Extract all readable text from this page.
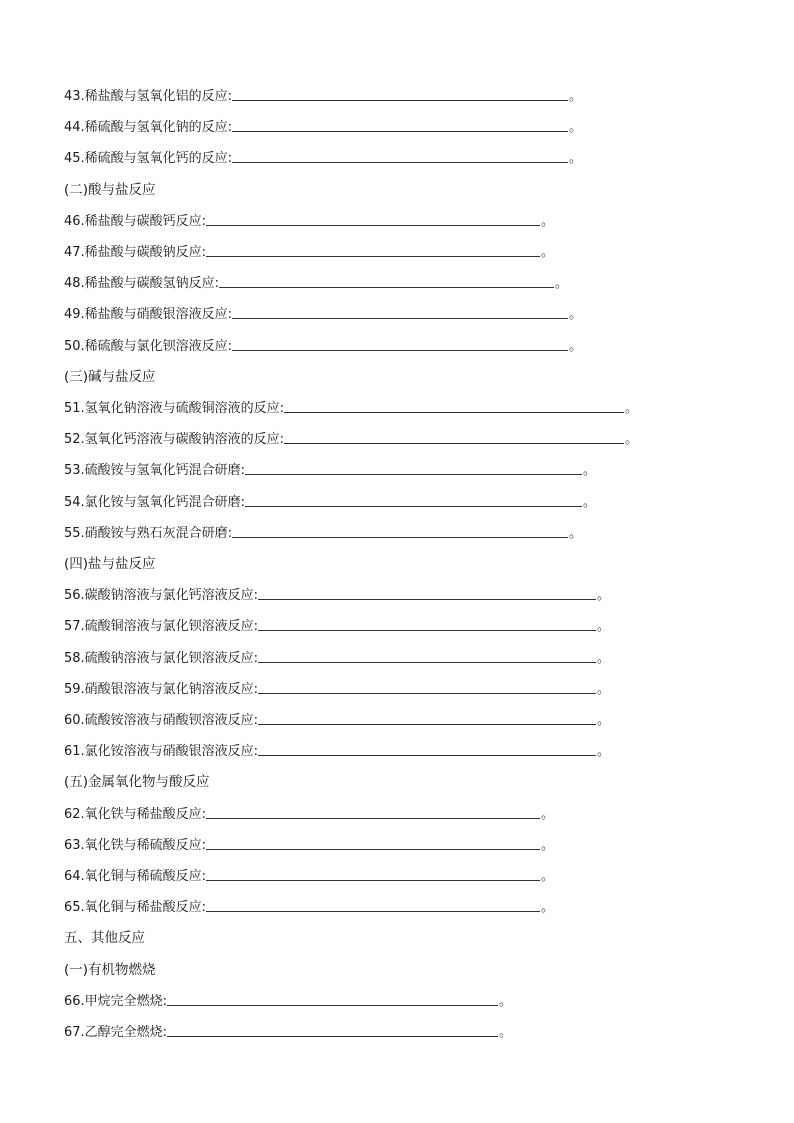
43.稀盐酸与氢氧化铝的反应:	。
44.稀硫酸与氢氧化钠的反应:	。
45.稀硫酸与氢氧化钙的反应:	。
(二)酸与盐反应
46.稀盐酸与碳酸钙反应:	。
47.稀盐酸与碳酸钠反应:	。
48.稀盐酸与碳酸氢钠反应:	。
49.稀盐酸与硝酸银溶液反应:	。
50.稀硫酸与氯化钡溶液反应:	。
(三)碱与盐反应
51.氢氧化钠溶液与硫酸铜溶液的反应:	。
52.氢氧化钙溶液与碳酸钠溶液的反应:	。
53.硫酸铵与氢氧化钙混合研磨:	。
54.氯化铵与氢氧化钙混合研磨:	。
55.硝酸铵与熟石灰混合研磨:	。
(四)盐与盐反应
56.碳酸钠溶液与氯化钙溶液反应:	。
57.硫酸铜溶液与氯化钡溶液反应:	。
58.硫酸钠溶液与氯化钡溶液反应:	。
59.硝酸银溶液与氯化钠溶液反应:	。
60.硫酸铵溶液与硝酸钡溶液反应:	。
61.氯化铵溶液与硝酸银溶液反应:	。
(五)金属氧化物与酸反应
62.氧化铁与稀盐酸反应:	。
63.氧化铁与稀硫酸反应:	。
64.氧化铜与稀硫酸反应:	。
65.氧化铜与稀盐酸反应:	。
五、其他反应
(一)有机物燃烧
66.甲烷完全燃烧:	。
67.乙醇完全燃烧:	。
